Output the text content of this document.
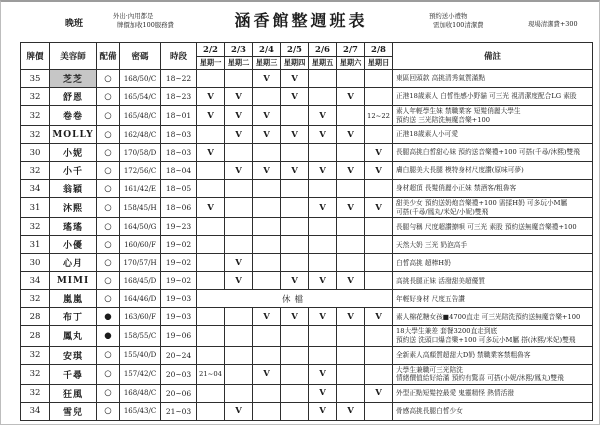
晚班
外出·內用都是
牌價加收100服務費	涵香館整週班表	預約送小禮物
需加收100清潔費	現場清潔費+300
牌價	美容師	配備	密碼	時段	2/2	2/3	2/4	2/5	2/6	2/7	2/8	備註
					星期一	星期二	星期三	星期四	星期五	星期六	星期日	
35	芝芝	○	168/50/C	18~22			V	V				東區回頭款 高挑清秀氣質滿點

32	舒恩	○	165/54/C	18~23	V	V		V		V		正港18歲素人 白皙性感小野貓 可三光 視清潔度配合LG 素股

32	卷卷	○	165/48/C	18~01	V	V	V		V		12~22	素人年輕學生妹 禁職業客 短髮俏麗大學生
預約送 三光陪洗無魔音樂+100

32	MOLLY	○	162/48/C	18~03		V	V	V	V	V		正港18歲素人小可愛

30	小妮	○	170/58/D	18~03	V						V	長腿高挑白皙甜心妹 預約送音樂禮+100 可搭(千尋/沐熙)雙飛

32	小千	○	172/56/C	18~04		V	V	V	V	V	V	膚白腿美大長腿 模特身材尺度讚(原味可夢)

34	翁穎	○	161/42/E	18~05								身材超頂 長髮俏麗小正妹 禁酒客/粗魯客

31	沐熙	○	158/45/H	18~06	V				V	V	V	甜美少女 預約送奶炮音樂禮+100 需揉H奶 可多玩小M屬
可搭(千尋/鳳丸/米妃/小妮)雙飛

32	瑤瑤	○	164/50/G	19~23								長腿勻稱 尺度超讚撩唄 可三光 素股 預約送無魔音樂禮+100

31	小優	○	160/60/F	19~02								天然大奶 三光 奶泡高手

30	心月	○	170/57/H	19~02		V						白皙高挑 超棒H奶

34	MIMI	○	168/45/D	19~02		V		V	V	V		高挑長腿正妹 活潑甜美超優質

32	嵐嵐	○	164/46/D	19~03	休檔							年輕好身材 尺度五告讚

28	布丁	●	163/60/F	19~03			V	V	V	V	V	素人棉花糖女孩■4700直走 可三光陪洗預約送無魔音樂+100

28	鳳丸	●	158/55/C	19~06								18大學生兼差 套餐3200直走到底
預約送 洗頭口爆音樂+100 可多玩小M屬 搭(沐熙/米妃)雙飛

32	安琪	○	155/40/D	20~24								全新素人高顏質超甜大D奶 禁職業客禁粗魯客

32	千尋	○	157/42/C	20~03	21~04		V		V			大學生兼職可三光陪洗
情緒價值給好給滿 預約有驚喜 可搭(小妮/沐熙/鳳丸)雙飛

32	狂風	○	168/48/C	20~06					V		V	外型正點短髮控最愛 鬼靈精怪 熱情活潑

34	雪兒	○	165/43/C	21~03		V			V	V		骨感高挑長腿白皙少女
